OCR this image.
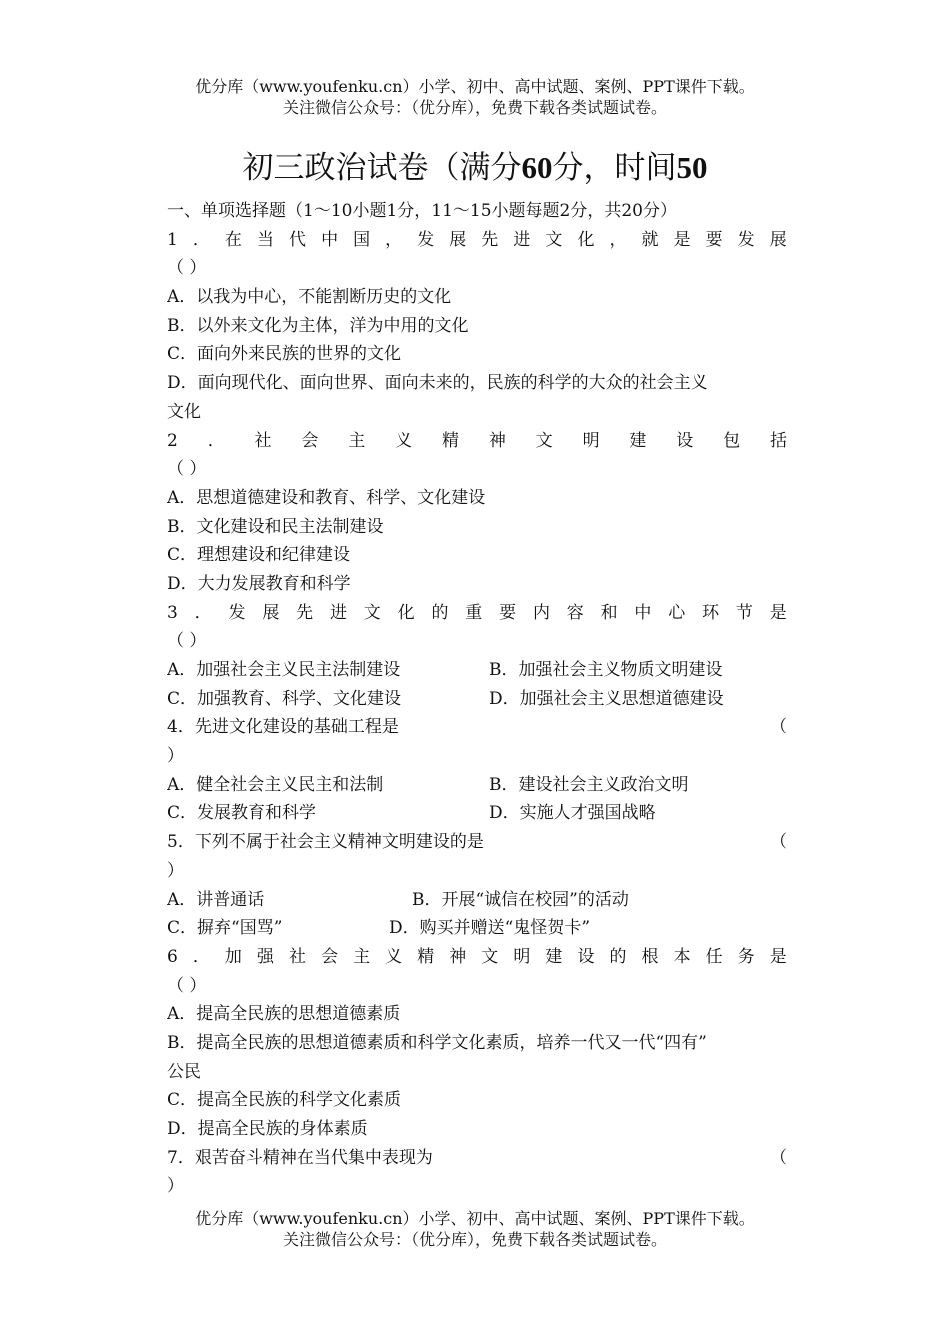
优分库（www.youfenku.cn）小学、初中、高中试题、案例、PPT课件下载。
关注微信公众号：（优分库），免费下载各类试题试卷。
初三政治试卷（满分60分，时间50
一、单项选择题（1～10小题1分，11～15小题每题2分，共20分）
1 ． 在 当 代 中 国 ， 发 展 先 进 文 化 ， 就 是 要 发 展
（ ）
A．以我为中心，不能割断历史的文化
B．以外来文化为主体，洋为中用的文化
C．面向外来民族的世界的文化
D．面向现代化、面向世界、面向未来的，民族的科学的大众的社会主义
文化
2 ． 社 会 主 义 精 神 文 明 建 设 包 括
（ ）
A．思想道德建设和教育、科学、文化建设
B．文化建设和民主法制建设
C．理想建设和纪律建设
D．大力发展教育和科学
3 ． 发 展 先 进 文 化 的 重 要 内 容 和 中 心 环 节 是
（ ）
A．加强社会主义民主法制建设	B．加强社会主义物质文明建设
C．加强教育、科学、文化建设	D．加强社会主义思想道德建设
4．先进文化建设的基础工程是	（
）
A．健全社会主义民主和法制	B．建设社会主义政治文明
C．发展教育和科学	D．实施人才强国战略
5．下列不属于社会主义精神文明建设的是	（
）
A．讲普通话	B．开展“诚信在校园”的活动
C．摒弃“国骂”	D．购买并赠送“鬼怪贺卡”
6 ． 加 强 社 会 主 义 精 神 文 明 建 设 的 根 本 任 务 是
（ ）
A．提高全民族的思想道德素质
B．提高全民族的思想道德素质和科学文化素质，培养一代又一代“四有”
公民
C．提高全民族的科学文化素质
D．提高全民族的身体素质
7．艰苦奋斗精神在当代集中表现为	（
）
优分库（www.youfenku.cn）小学、初中、高中试题、案例、PPT课件下载。
关注微信公众号：（优分库），免费下载各类试题试卷。
